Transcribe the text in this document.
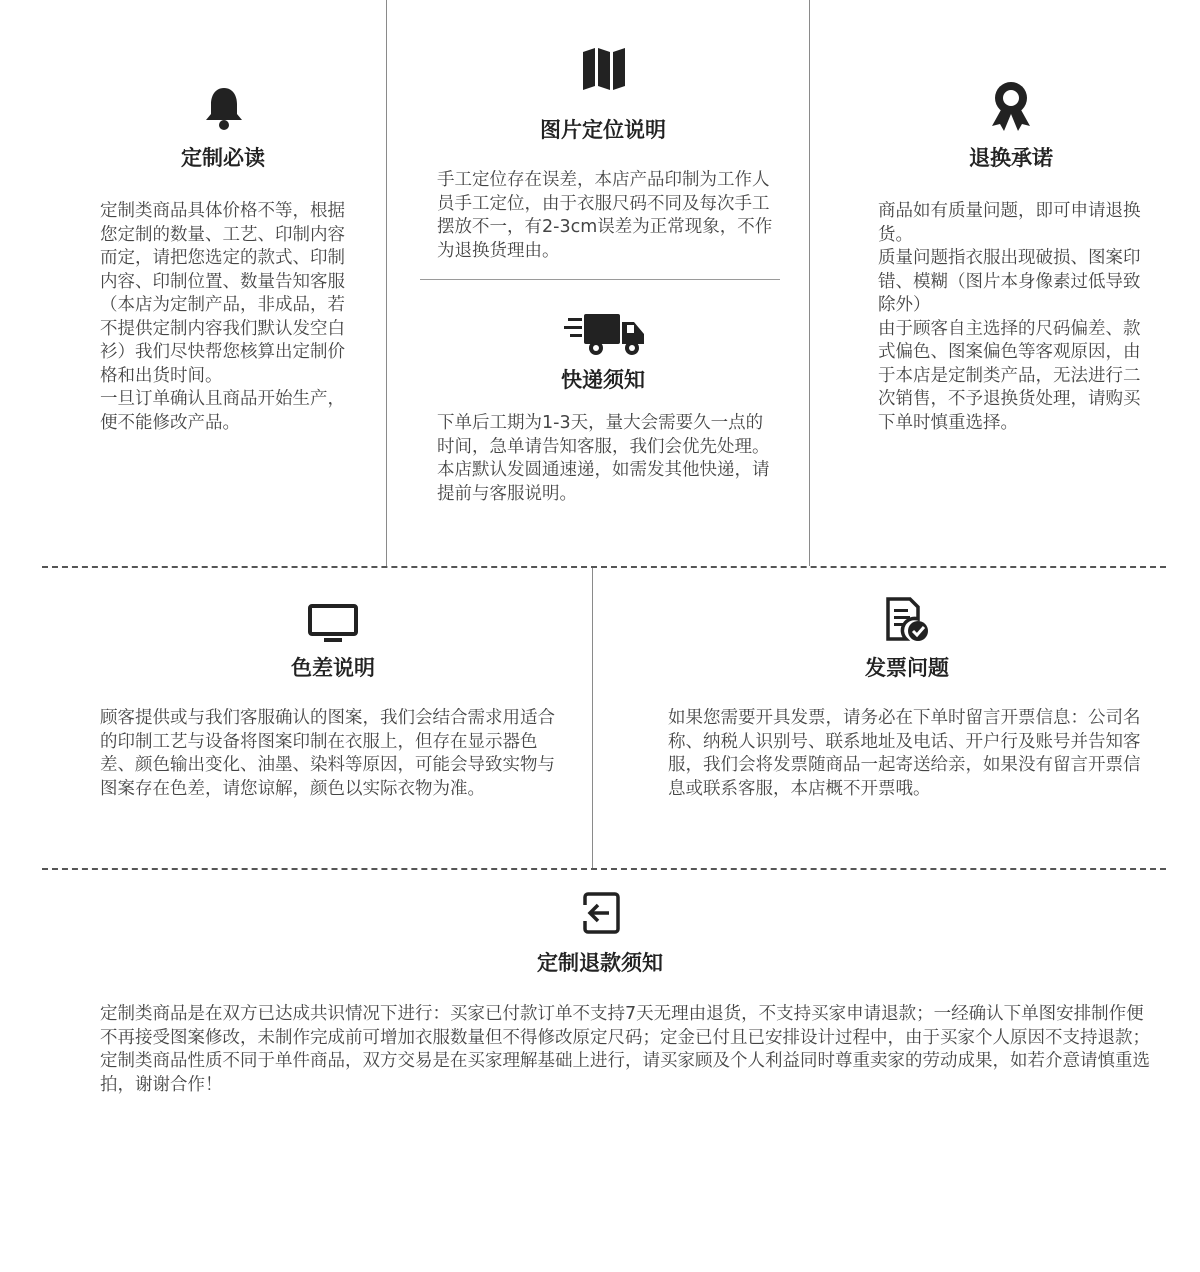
定制必读

定制类商品具体价格不等，根据您定制的数量、工艺、印制内容而定，请把您选定的款式、印制内容、印制位置、数量告知客服（本店为定制产品，非成品，若不提供定制内容我们默认发空白衫）我们尽快帮您核算出定制价格和出货时间。

一旦订单确认且商品开始生产，便不能修改产品。

图片定位说明

手工定位存在误差，本店产品印制为工作人员手工定位，由于衣服尺码不同及每次手工摆放不一，有2-3cm误差为正常现象，不作为退换货理由。

快递须知

下单后工期为1-3天，量大会需要久一点的时间，急单请告知客服，我们会优先处理。

本店默认发圆通速递，如需发其他快递，请提前与客服说明。

退换承诺

商品如有质量问题，即可申请退换货。

质量问题指衣服出现破损、图案印错、模糊（图片本身像素过低导致除外）

由于顾客自主选择的尺码偏差、款式偏色、图案偏色等客观原因，由于本店是定制类产品，无法进行二次销售，不予退换货处理，请购买下单时慎重选择。

色差说明

顾客提供或与我们客服确认的图案，我们会结合需求用适合的印制工艺与设备将图案印制在衣服上，但存在显示器色差、颜色输出变化、油墨、染料等原因，可能会导致实物与图案存在色差，请您谅解，颜色以实际衣物为准。

发票问题

如果您需要开具发票，请务必在下单时留言开票信息：公司名称、纳税人识别号、联系地址及电话、开户行及账号并告知客服，我们会将发票随商品一起寄送给亲，如果没有留言开票信息或联系客服，本店概不开票哦。

定制退款须知

定制类商品是在双方已达成共识情况下进行：买家已付款订单不支持7天无理由退货，不支持买家申请退款；一经确认下单图安排制作便不再接受图案修改，未制作完成前可增加衣服数量但不得修改原定尺码；定金已付且已安排设计过程中，由于买家个人原因不支持退款；定制类商品性质不同于单件商品，双方交易是在买家理解基础上进行，请买家顾及个人利益同时尊重卖家的劳动成果，如若介意请慎重选拍，谢谢合作！
